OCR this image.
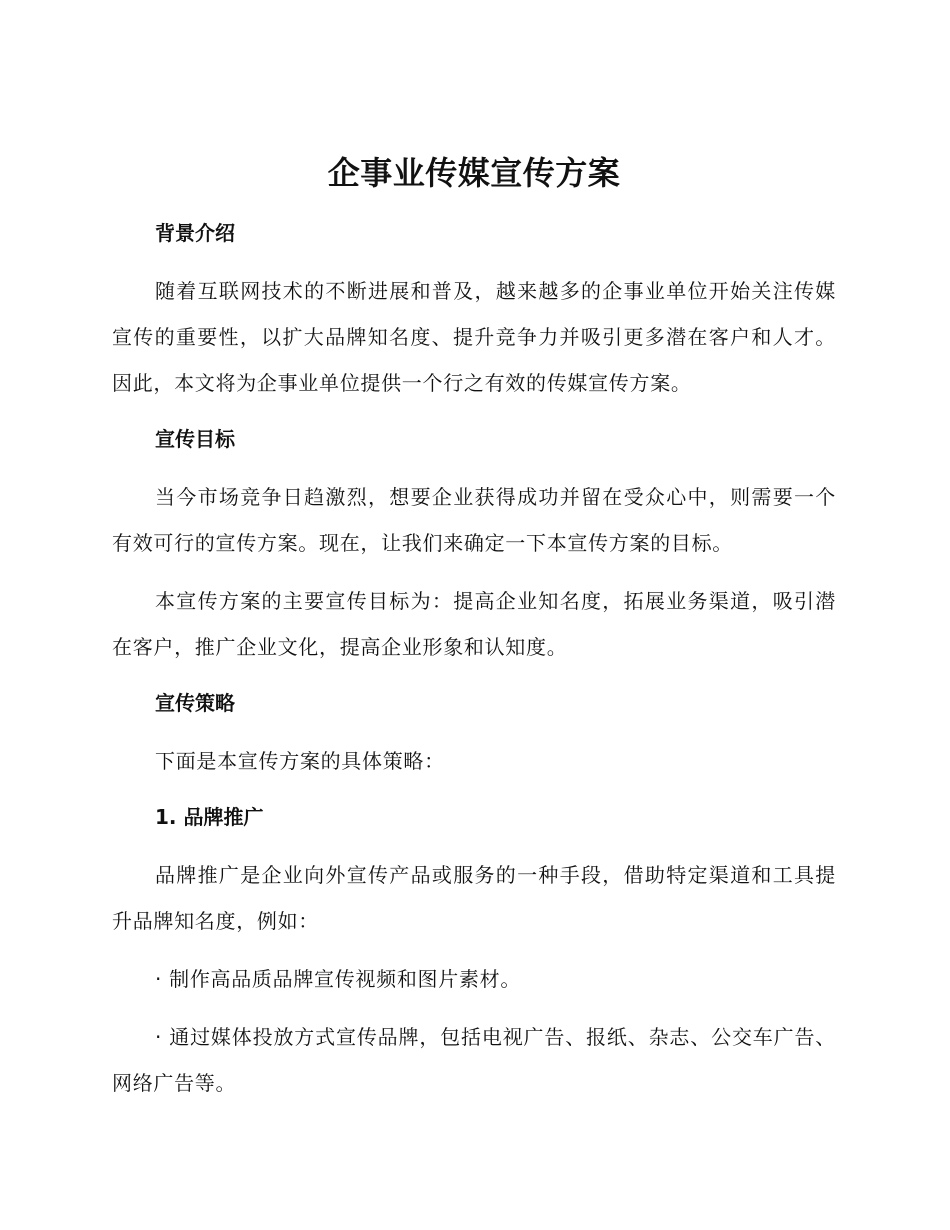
企事业传媒宣传方案
背景介绍

随着互联网技术的不断进展和普及，越来越多的企事业单位开始关注传媒宣传的重要性，以扩大品牌知名度、提升竞争力并吸引更多潜在客户和人才。因此，本文将为企事业单位提供一个行之有效的传媒宣传方案。

宣传目标

当今市场竞争日趋激烈，想要企业获得成功并留在受众心中，则需要一个有效可行的宣传方案。现在，让我们来确定一下本宣传方案的目标。

本宣传方案的主要宣传目标为：提高企业知名度，拓展业务渠道，吸引潜在客户，推广企业文化，提高企业形象和认知度。

宣传策略

下面是本宣传方案的具体策略：

1. 品牌推广

品牌推广是企业向外宣传产品或服务的一种手段，借助特定渠道和工具提升品牌知名度，例如：

· 制作高品质品牌宣传视频和图片素材。

· 通过媒体投放方式宣传品牌，包括电视广告、报纸、杂志、公交车广告、网络广告等。
